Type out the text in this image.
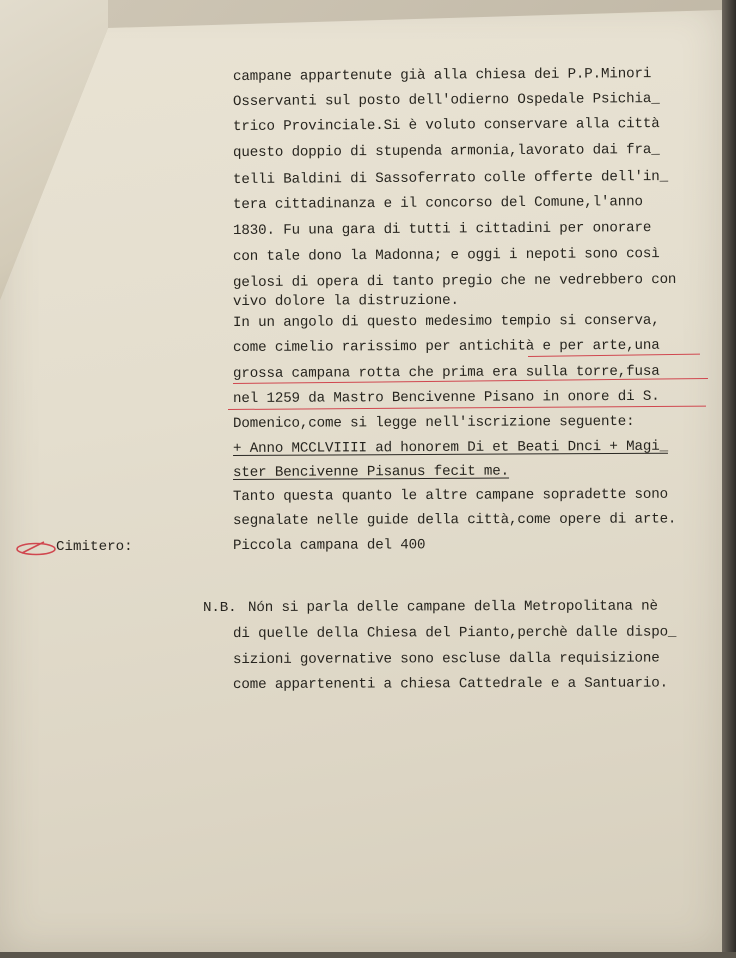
campane appartenute già alla chiesa dei P.P.Minori
Osservanti sul posto dell'odierno Ospedale Psichia_
trico Provinciale.Si è voluto conservare alla città
questo doppio di stupenda armonia,lavorato dai fra_
telli Baldini di Sassoferrato colle offerte dell'in_
tera cittadinanza e il concorso del Comune,l'anno
1830. Fu una gara di tutti i cittadini per onorare
con tale dono la Madonna; e oggi i nepoti sono così
gelosi di opera di tanto pregio che ne vedrebbero con
vivo dolore la distruzione.
In un angolo di questo medesimo tempio si conserva,
come cimelio rarissimo per antichità e per arte,una
grossa campana rotta che prima era sulla torre,fusa
nel 1259 da Mastro Bencivenne Pisano in onore di S.
Domenico,come si legge nell'iscrizione seguente:
+ Anno MCCLVIIII ad honorem Di et Beati Dnci + Magi_
ster Bencivenne Pisanus fecit me.
Tanto questa quanto le altre campane sopradette sono
segnalate nelle guide della città,come opere di arte.
Piccola campana del 400
N.B. Nón si parla delle campane della Metropolitana nè
di quelle della Chiesa del Pianto,perchè dalle dispo_
sizioni governative sono escluse dalla requisizione
come appartenenti a chiesa Cattedrale e a Santuario.
Cimitero:
